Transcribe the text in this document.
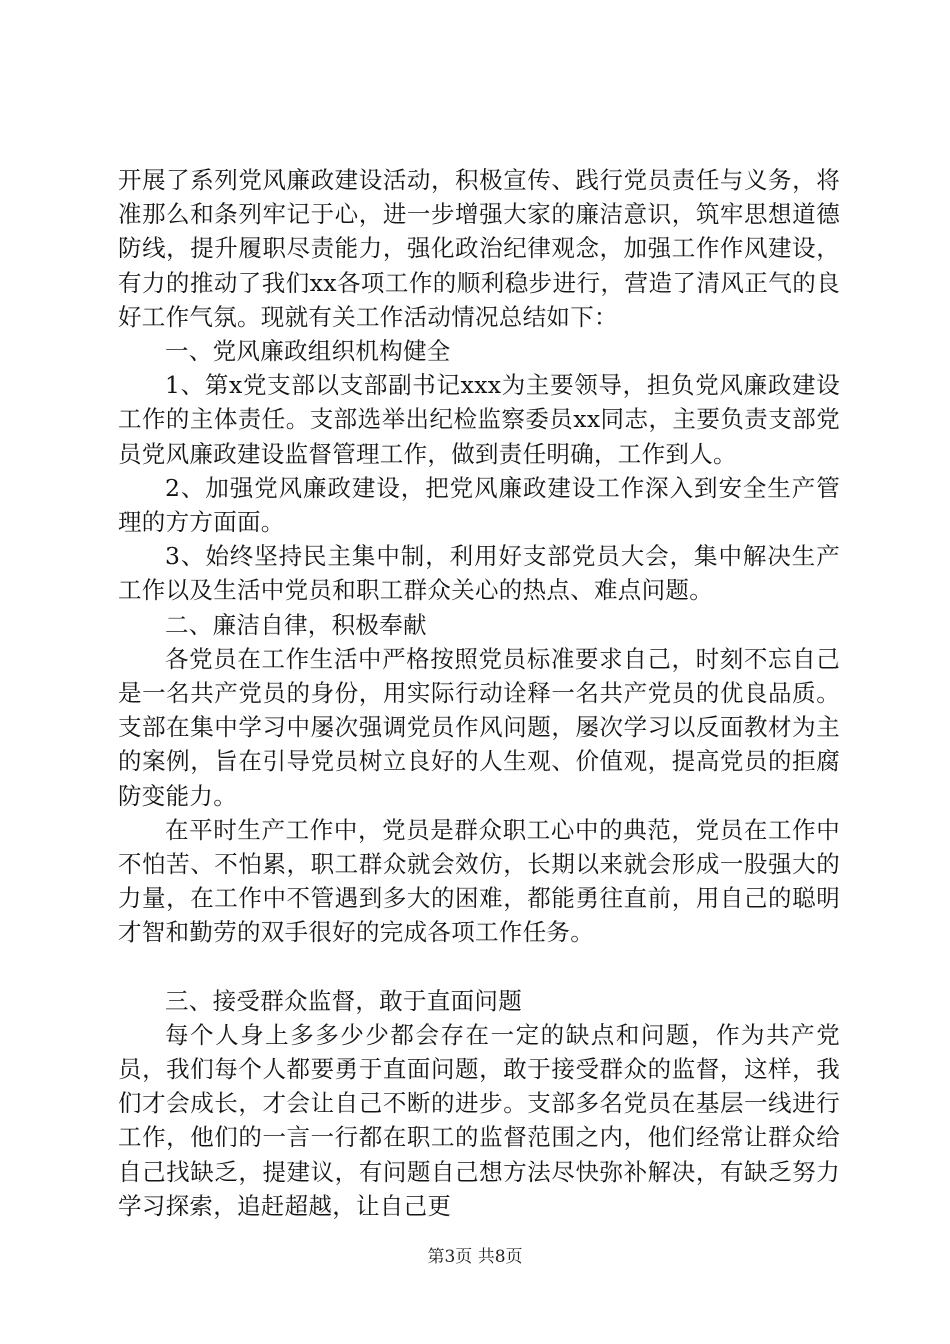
开展了系列党风廉政建设活动，积极宣传、践行党员责任与义务，将准那么和条列牢记于心，进一步增强大家的廉洁意识，筑牢思想道德防线，提升履职尽责能力，强化政治纪律观念，加强工作作风建设，有力的推动了我们xx各项工作的顺利稳步进行，营造了清风正气的良好工作气氛。现就有关工作活动情况总结如下：

一、党风廉政组织机构健全

1、第x党支部以支部副书记xxx为主要领导，担负党风廉政建设工作的主体责任。支部选举出纪检监察委员xx同志，主要负责支部党员党风廉政建设监督管理工作，做到责任明确，工作到人。

2、加强党风廉政建设，把党风廉政建设工作深入到安全生产管理的方方面面。

3、始终坚持民主集中制，利用好支部党员大会，集中解决生产工作以及生活中党员和职工群众关心的热点、难点问题。

二、廉洁自律，积极奉献

各党员在工作生活中严格按照党员标准要求自己，时刻不忘自己是一名共产党员的身份，用实际行动诠释一名共产党员的优良品质。支部在集中学习中屡次强调党员作风问题，屡次学习以反面教材为主的案例，旨在引导党员树立良好的人生观、价值观，提高党员的拒腐防变能力。

在平时生产工作中，党员是群众职工心中的典范，党员在工作中不怕苦、不怕累，职工群众就会效仿，长期以来就会形成一股强大的力量，在工作中不管遇到多大的困难，都能勇往直前，用自己的聪明才智和勤劳的双手很好的完成各项工作任务。

三、接受群众监督，敢于直面问题

每个人身上多多少少都会存在一定的缺点和问题，作为共产党员，我们每个人都要勇于直面问题，敢于接受群众的监督，这样，我们才会成长，才会让自己不断的进步。支部多名党员在基层一线进行工作，他们的一言一行都在职工的监督范围之内，他们经常让群众给自己找缺乏，提建议，有问题自己想方法尽快弥补解决，有缺乏努力学习探索，追赶超越，让自己更

第3页 共8页
